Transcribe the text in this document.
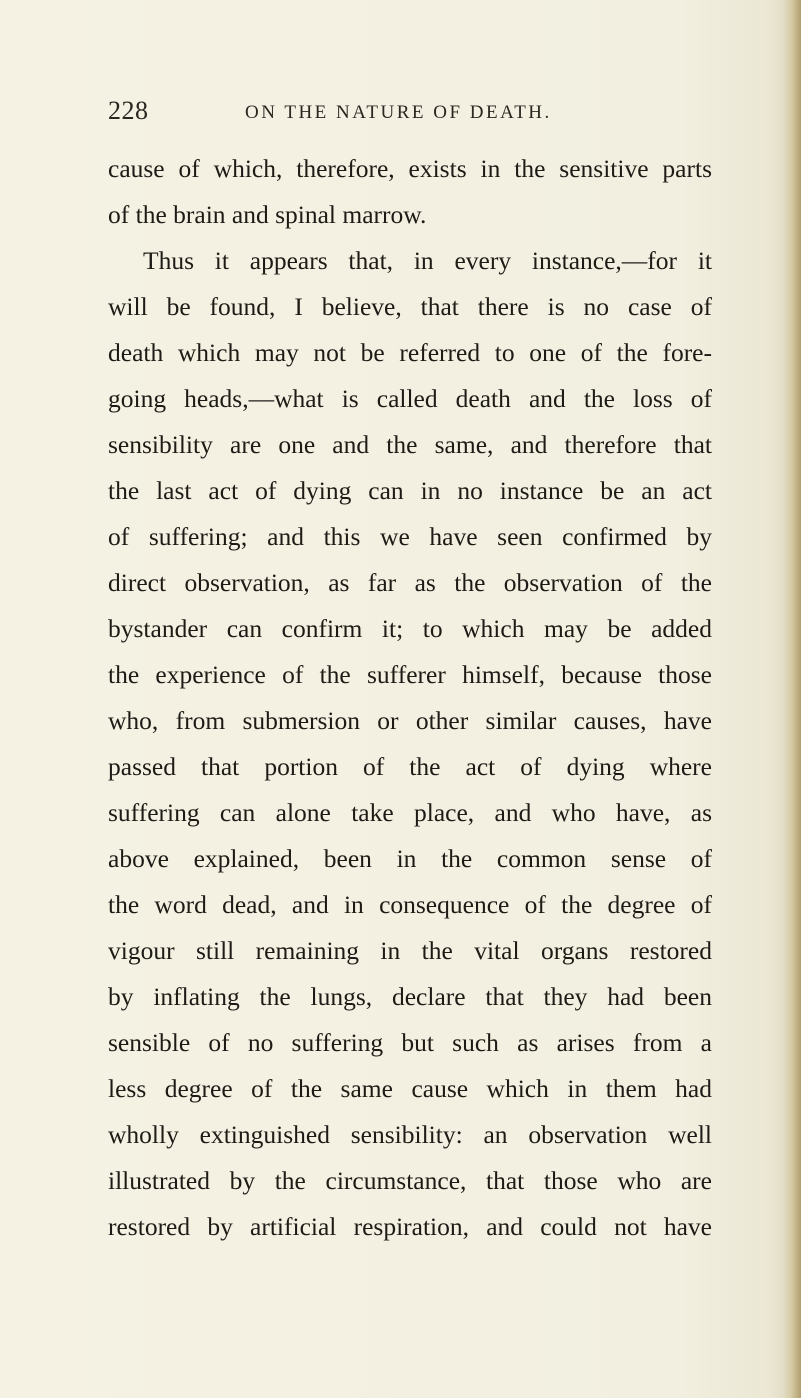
228	ON THE NATURE OF DEATH.
cause of which, therefore, exists in the sensitive parts
of the brain and spinal marrow.
Thus it appears that, in every instance,—for it
will be found, I believe, that there is no case of
death which may not be referred to one of the fore-
going heads,—what is called death and the loss of
sensibility are one and the same, and therefore that
the last act of dying can in no instance be an act
of suffering; and this we have seen confirmed by
direct observation, as far as the observation of the
bystander can confirm it; to which may be added
the experience of the sufferer himself, because those
who, from submersion or other similar causes, have
passed that portion of the act of dying where
suffering can alone take place, and who have, as
above explained, been in the common sense of
the word dead, and in consequence of the degree of
vigour still remaining in the vital organs restored
by inflating the lungs, declare that they had been
sensible of no suffering but such as arises from a
less degree of the same cause which in them had
wholly extinguished sensibility: an observation well
illustrated by the circumstance, that those who are
restored by artificial respiration, and could not have
